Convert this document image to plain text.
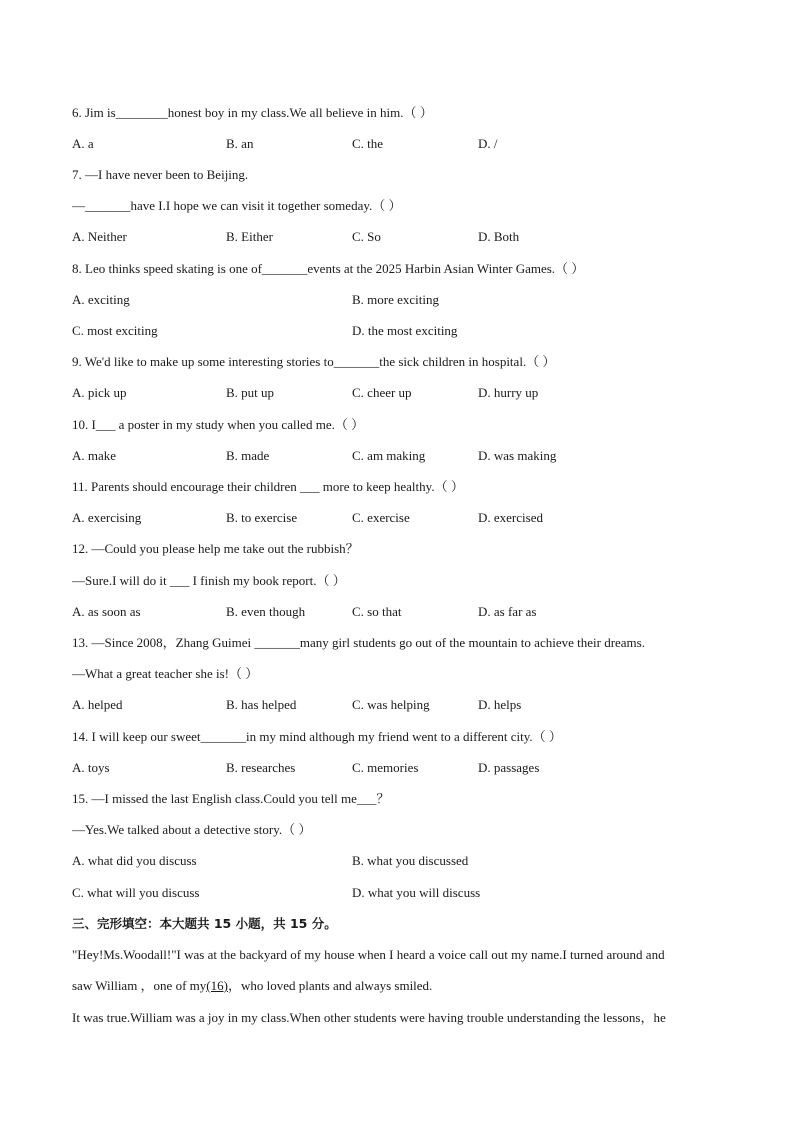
6. Jim is________honest boy in my class.We all believe in him.（ ）
A. a	B. an	C. the	D. /
7. —I have never been to Beijing.
—_______have I.I hope we can visit it together someday.（ ）
A. Neither	B. Either	C. So	D. Both
8. Leo thinks speed skating is one of_______events at the 2025 Harbin Asian Winter Games.（ ）
A. exciting	B. more exciting
C. most exciting	D. the most exciting
9. We'd like to make up some interesting stories to_______the sick children in hospital.（ ）
A. pick up	B. put up	C. cheer up	D. hurry up
10. I___ a poster in my study when you called me.（ ）
A. make	B. made	C. am making	D. was making
11. Parents should encourage their children ___ more to keep healthy.（ ）
A. exercising	B. to exercise	C. exercise	D. exercised
12. —Could you please help me take out the rubbish？
—Sure.I will do it ___ I finish my book report.（ ）
A. as soon as	B. even though	C. so that	D. as far as
13. —Since 2008，Zhang Guimei _______many girl students go out of the mountain to achieve their dreams.
—What a great teacher she is!（ ）
A. helped	B. has helped	C. was helping	D. helps
14. I will keep our sweet_______in my mind although my friend went to a different city.（ ）
A. toys	B. researches	C. memories	D. passages
15. —I missed the last English class.Could you tell me___？
—Yes.We talked about a detective story.（ ）
A. what did you discuss	B. what you discussed
C. what will you discuss	D. what you will discuss
三、完形填空：本大题共 15 小题，共 15 分。
"Hey!Ms.Woodall!"I was at the backyard of my house when I heard a voice call out my name.I turned around and
saw William ，one of my(16)，who loved plants and always smiled.
It was true.William was a joy in my class.When other students were having trouble understanding the lessons，he
